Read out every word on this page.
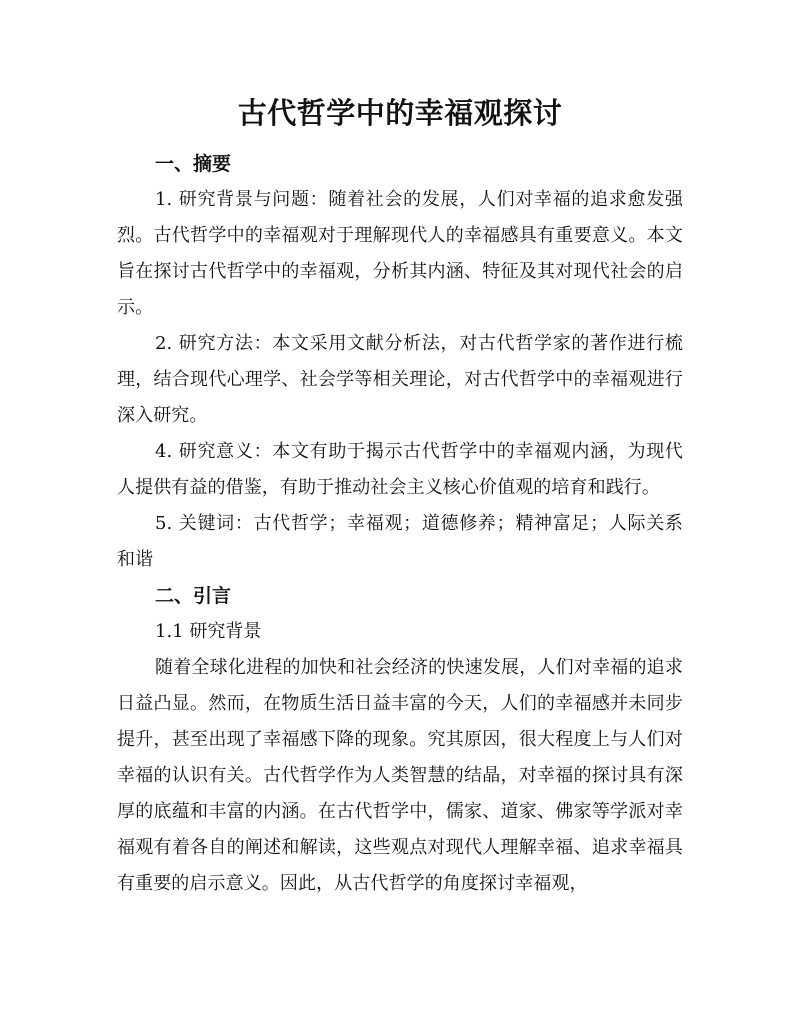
古代哲学中的幸福观探讨

一、摘要

1. 研究背景与问题：随着社会的发展，人们对幸福的追求愈发强烈。古代哲学中的幸福观对于理解现代人的幸福感具有重要意义。本文旨在探讨古代哲学中的幸福观，分析其内涵、特征及其对现代社会的启示。

2. 研究方法：本文采用文献分析法，对古代哲学家的著作进行梳理，结合现代心理学、社会学等相关理论，对古代哲学中的幸福观进行深入研究。

4. 研究意义：本文有助于揭示古代哲学中的幸福观内涵，为现代人提供有益的借鉴，有助于推动社会主义核心价值观的培育和践行。

5. 关键词：古代哲学；幸福观；道德修养；精神富足；人际关系和谐

二、引言

1.1 研究背景

随着全球化进程的加快和社会经济的快速发展，人们对幸福的追求日益凸显。然而，在物质生活日益丰富的今天，人们的幸福感并未同步提升，甚至出现了幸福感下降的现象。究其原因，很大程度上与人们对幸福的认识有关。古代哲学作为人类智慧的结晶，对幸福的探讨具有深厚的底蕴和丰富的内涵。在古代哲学中，儒家、道家、佛家等学派对幸福观有着各自的阐述和解读，这些观点对现代人理解幸福、追求幸福具有重要的启示意义。因此，从古代哲学的角度探讨幸福观，
